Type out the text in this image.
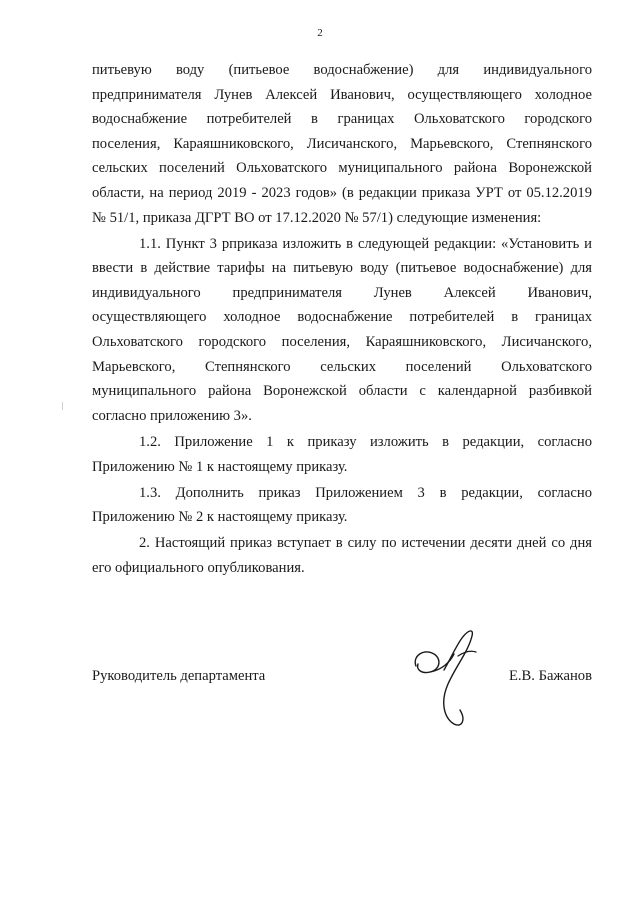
2
питьевую воду (питьевое водоснабжение) для индивидуального
предпринимателя Лунев Алексей Иванович, осуществляющего холодное
водоснабжение потребителей в границах Ольховатского городского
поселения, Караяшниковского, Лисичанского, Марьевского, Степнянского
сельских поселений Ольховатского муниципального района Воронежской
области, на период 2019 - 2023 годов» (в редакции приказа УРТ от 05.12.2019
№ 51/1, приказа ДГРТ ВО от 17.12.2020 № 57/1) следующие изменения:
1.1. Пункт 3 рприказа изложить в следующей редакции: «Установить и
ввести в действие тарифы на питьевую воду (питьевое водоснабжение) для
индивидуального предпринимателя Лунев Алексей Иванович,
осуществляющего холодное водоснабжение потребителей в границах
Ольховатского городского поселения, Караяшниковского, Лисичанского,
Марьевского, Степнянского сельских поселений Ольховатского
муниципального района Воронежской области с календарной разбивкой
согласно приложению 3».
1.2. Приложение 1 к приказу изложить в редакции, согласно
Приложению № 1 к настоящему приказу.
1.3. Дополнить приказ Приложением 3 в редакции, согласно
Приложению № 2 к настоящему приказу.
2. Настоящий приказ вступает в силу по истечении десяти дней со дня
его официального опубликования.
Руководитель департамента	Е.В. Бажанов
